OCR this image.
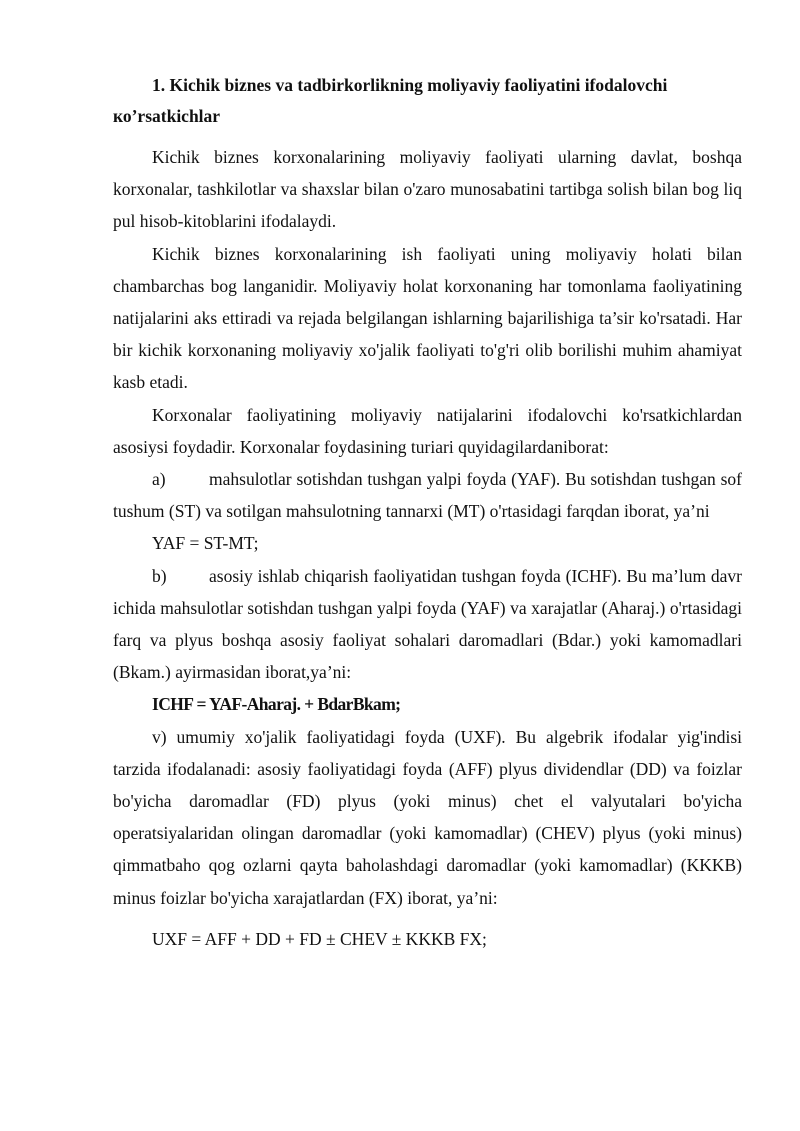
1. Kichik biznes va tadbirkorlikning moliyaviy faoliyatini ifodalovchi ко’rsatkichlar

Kichik biznes korxonalarining moliyaviy faoliyati ularning davlat, boshqa korxonalar, tashkilotlar va shaxslar bilan o'zaro munosabatini tartibga solish bilan bog liq pul hisob-kitoblarini ifodalaydi.

Kichik biznes korxonalarining ish faoliyati uning moliyaviy holati bilan chambarchas bog langanidir. Moliyaviy holat korxonaning har tomonlama faoliyatining natijalarini aks ettiradi va rejada belgilangan ishlarning bajarilishiga ta’sir ko'rsatadi. Har bir kichik korxonaning moliyaviy xo'jalik faoliyati to'g'ri olib borilishi muhim ahamiyat kasb etadi.

Korxonalar faoliyatining moliyaviy natijalarini ifodalovchi ko'rsatkichlardan asosiysi foydadir. Korxonalar foydasining turiari quyidagilardaniborat:

a) mahsulotlar sotishdan tushgan yalpi foyda (YAF). Bu sotishdan tushgan sof tushum (ST) va sotilgan mahsulotning tannarxi (MT) o'rtasidagi farqdan iborat, ya’ni

YAF = ST-MT;

b) asosiy ishlab chiqarish faoliyatidan tushgan foyda (ICHF). Bu ma’lum davr ichida mahsulotlar sotishdan tushgan yalpi foyda (YAF) va xarajatlar (Aharaj.) o'rtasidagi farq va plyus boshqa asosiy faoliyat sohalari daromadlari (Bdar.) yoki kamomadlari (Bkam.) ayirmasidan iborat,ya’ni:

ICHF = YAF-Aharaj. + BdarBkam;

v) umumiy xo'jalik faoliyatidagi foyda (UXF). Bu algebrik ifodalar yig'indisi tarzida ifodalanadi: asosiy faoliyatidagi foyda (AFF) plyus dividendlar (DD) va foizlar bo'yicha daromadlar (FD) plyus (yoki minus) chet el valyutalari bo'yicha operatsiyalaridan olingan daromadlar (yoki kamomadlar) (CHEV) plyus (yoki minus) qimmatbaho qog ozlarni qayta baholashdagi daromadlar (yoki kamomadlar) (KKKB) minus foizlar bo'yicha xarajatlardan (FX) iborat, ya’ni:

UXF = AFF + DD + FD ± CHEV ± KKKB FX;
